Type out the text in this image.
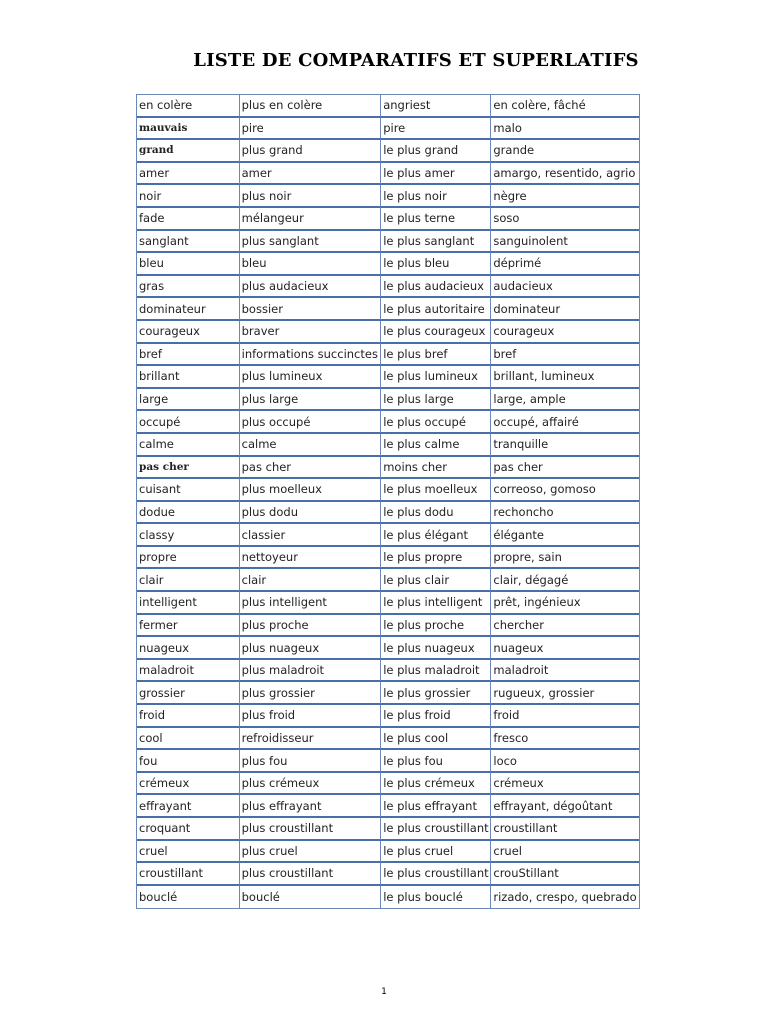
LISTE DE COMPARATIFS ET SUPERLATIFS
en colère	plus en colère	angriest	en colère, fâché
mauvais	pire	pire	malo
grand	plus grand	le plus grand	grande
amer	amer	le plus amer	amargo, resentido, agrio
noir	plus noir	le plus noir	nègre
fade	mélangeur	le plus terne	soso
sanglant	plus sanglant	le plus sanglant	sanguinolent
bleu	bleu	le plus bleu	déprimé
gras	plus audacieux	le plus audacieux	audacieux
dominateur	bossier	le plus autoritaire	dominateur
courageux	braver	le plus courageux	courageux
bref	informations succinctes	le plus bref	bref
brillant	plus lumineux	le plus lumineux	brillant, lumineux
large	plus large	le plus large	large, ample
occupé	plus occupé	le plus occupé	occupé, affairé
calme	calme	le plus calme	tranquille
pas cher	pas cher	moins cher	pas cher
cuisant	plus moelleux	le plus moelleux	correoso, gomoso
dodue	plus dodu	le plus dodu	rechoncho
classy	classier	le plus élégant	élégante
propre	nettoyeur	le plus propre	propre, sain
clair	clair	le plus clair	clair, dégagé
intelligent	plus intelligent	le plus intelligent	prêt, ingénieux
fermer	plus proche	le plus proche	chercher
nuageux	plus nuageux	le plus nuageux	nuageux
maladroit	plus maladroit	le plus maladroit	maladroit
grossier	plus grossier	le plus grossier	rugueux, grossier
froid	plus froid	le plus froid	froid
cool	refroidisseur	le plus cool	fresco
fou	plus fou	le plus fou	loco
crémeux	plus crémeux	le plus crémeux	crémeux
effrayant	plus effrayant	le plus effrayant	effrayant, dégoûtant
croquant	plus croustillant	le plus croustillant	croustillant
cruel	plus cruel	le plus cruel	cruel
croustillant	plus croustillant	le plus croustillant	crouStillant
bouclé	bouclé	le plus bouclé	rizado, crespo, quebrado
1
